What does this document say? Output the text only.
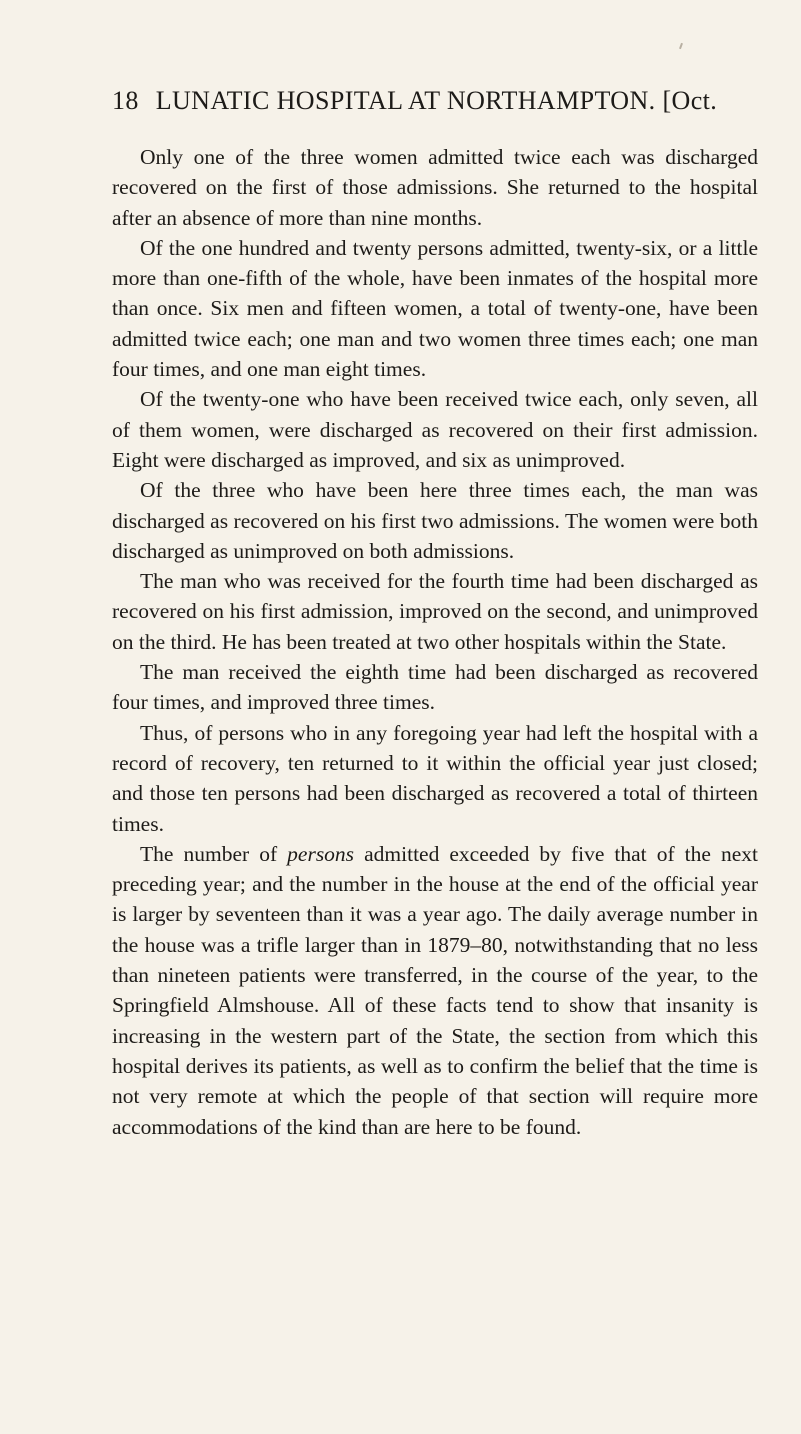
18 LUNATIC HOSPITAL AT NORTHAMPTON. [Oct.

Only one of the three women admitted twice each was discharged recovered on the first of those admissions. She returned to the hospital after an absence of more than nine months.

Of the one hundred and twenty persons admitted, twenty-six, or a little more than one-fifth of the whole, have been inmates of the hospital more than once. Six men and fifteen women, a total of twenty-one, have been admitted twice each; one man and two women three times each; one man four times, and one man eight times.

Of the twenty-one who have been received twice each, only seven, all of them women, were discharged as recovered on their first admission. Eight were discharged as improved, and six as unimproved.

Of the three who have been here three times each, the man was discharged as recovered on his first two admissions. The women were both discharged as unimproved on both admissions.

The man who was received for the fourth time had been discharged as recovered on his first admission, improved on the second, and unimproved on the third. He has been treated at two other hospitals within the State.

The man received the eighth time had been discharged as recovered four times, and improved three times.

Thus, of persons who in any foregoing year had left the hospital with a record of recovery, ten returned to it within the official year just closed; and those ten persons had been discharged as recovered a total of thirteen times.

The number of persons admitted exceeded by five that of the next preceding year; and the number in the house at the end of the official year is larger by seventeen than it was a year ago. The daily average number in the house was a trifle larger than in 1879–80, notwithstanding that no less than nineteen patients were transferred, in the course of the year, to the Springfield Almshouse. All of these facts tend to show that insanity is increasing in the western part of the State, the section from which this hospital derives its patients, as well as to confirm the belief that the time is not very remote at which the people of that section will require more accommodations of the kind than are here to be found.
